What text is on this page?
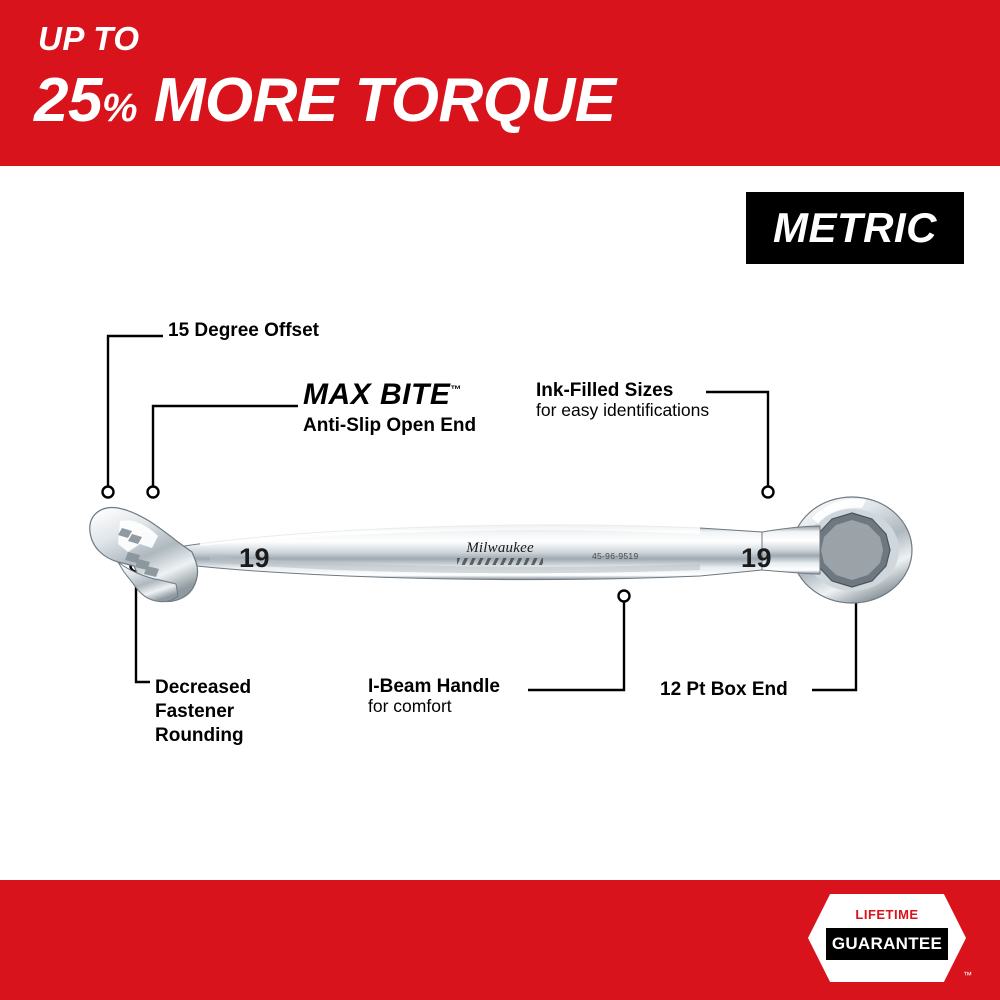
UP TO
25% MORE TORQUE
METRIC
19	19
Milwaukee	45-96-9519
15 Degree Offset
MAX BITE™
Anti-Slip Open End
Ink-Filled Sizes
for easy identifications
Decreased
Fastener
Rounding
I-Beam Handle
for comfort
12 Pt Box End
LIFETIME
GUARANTEE
™
